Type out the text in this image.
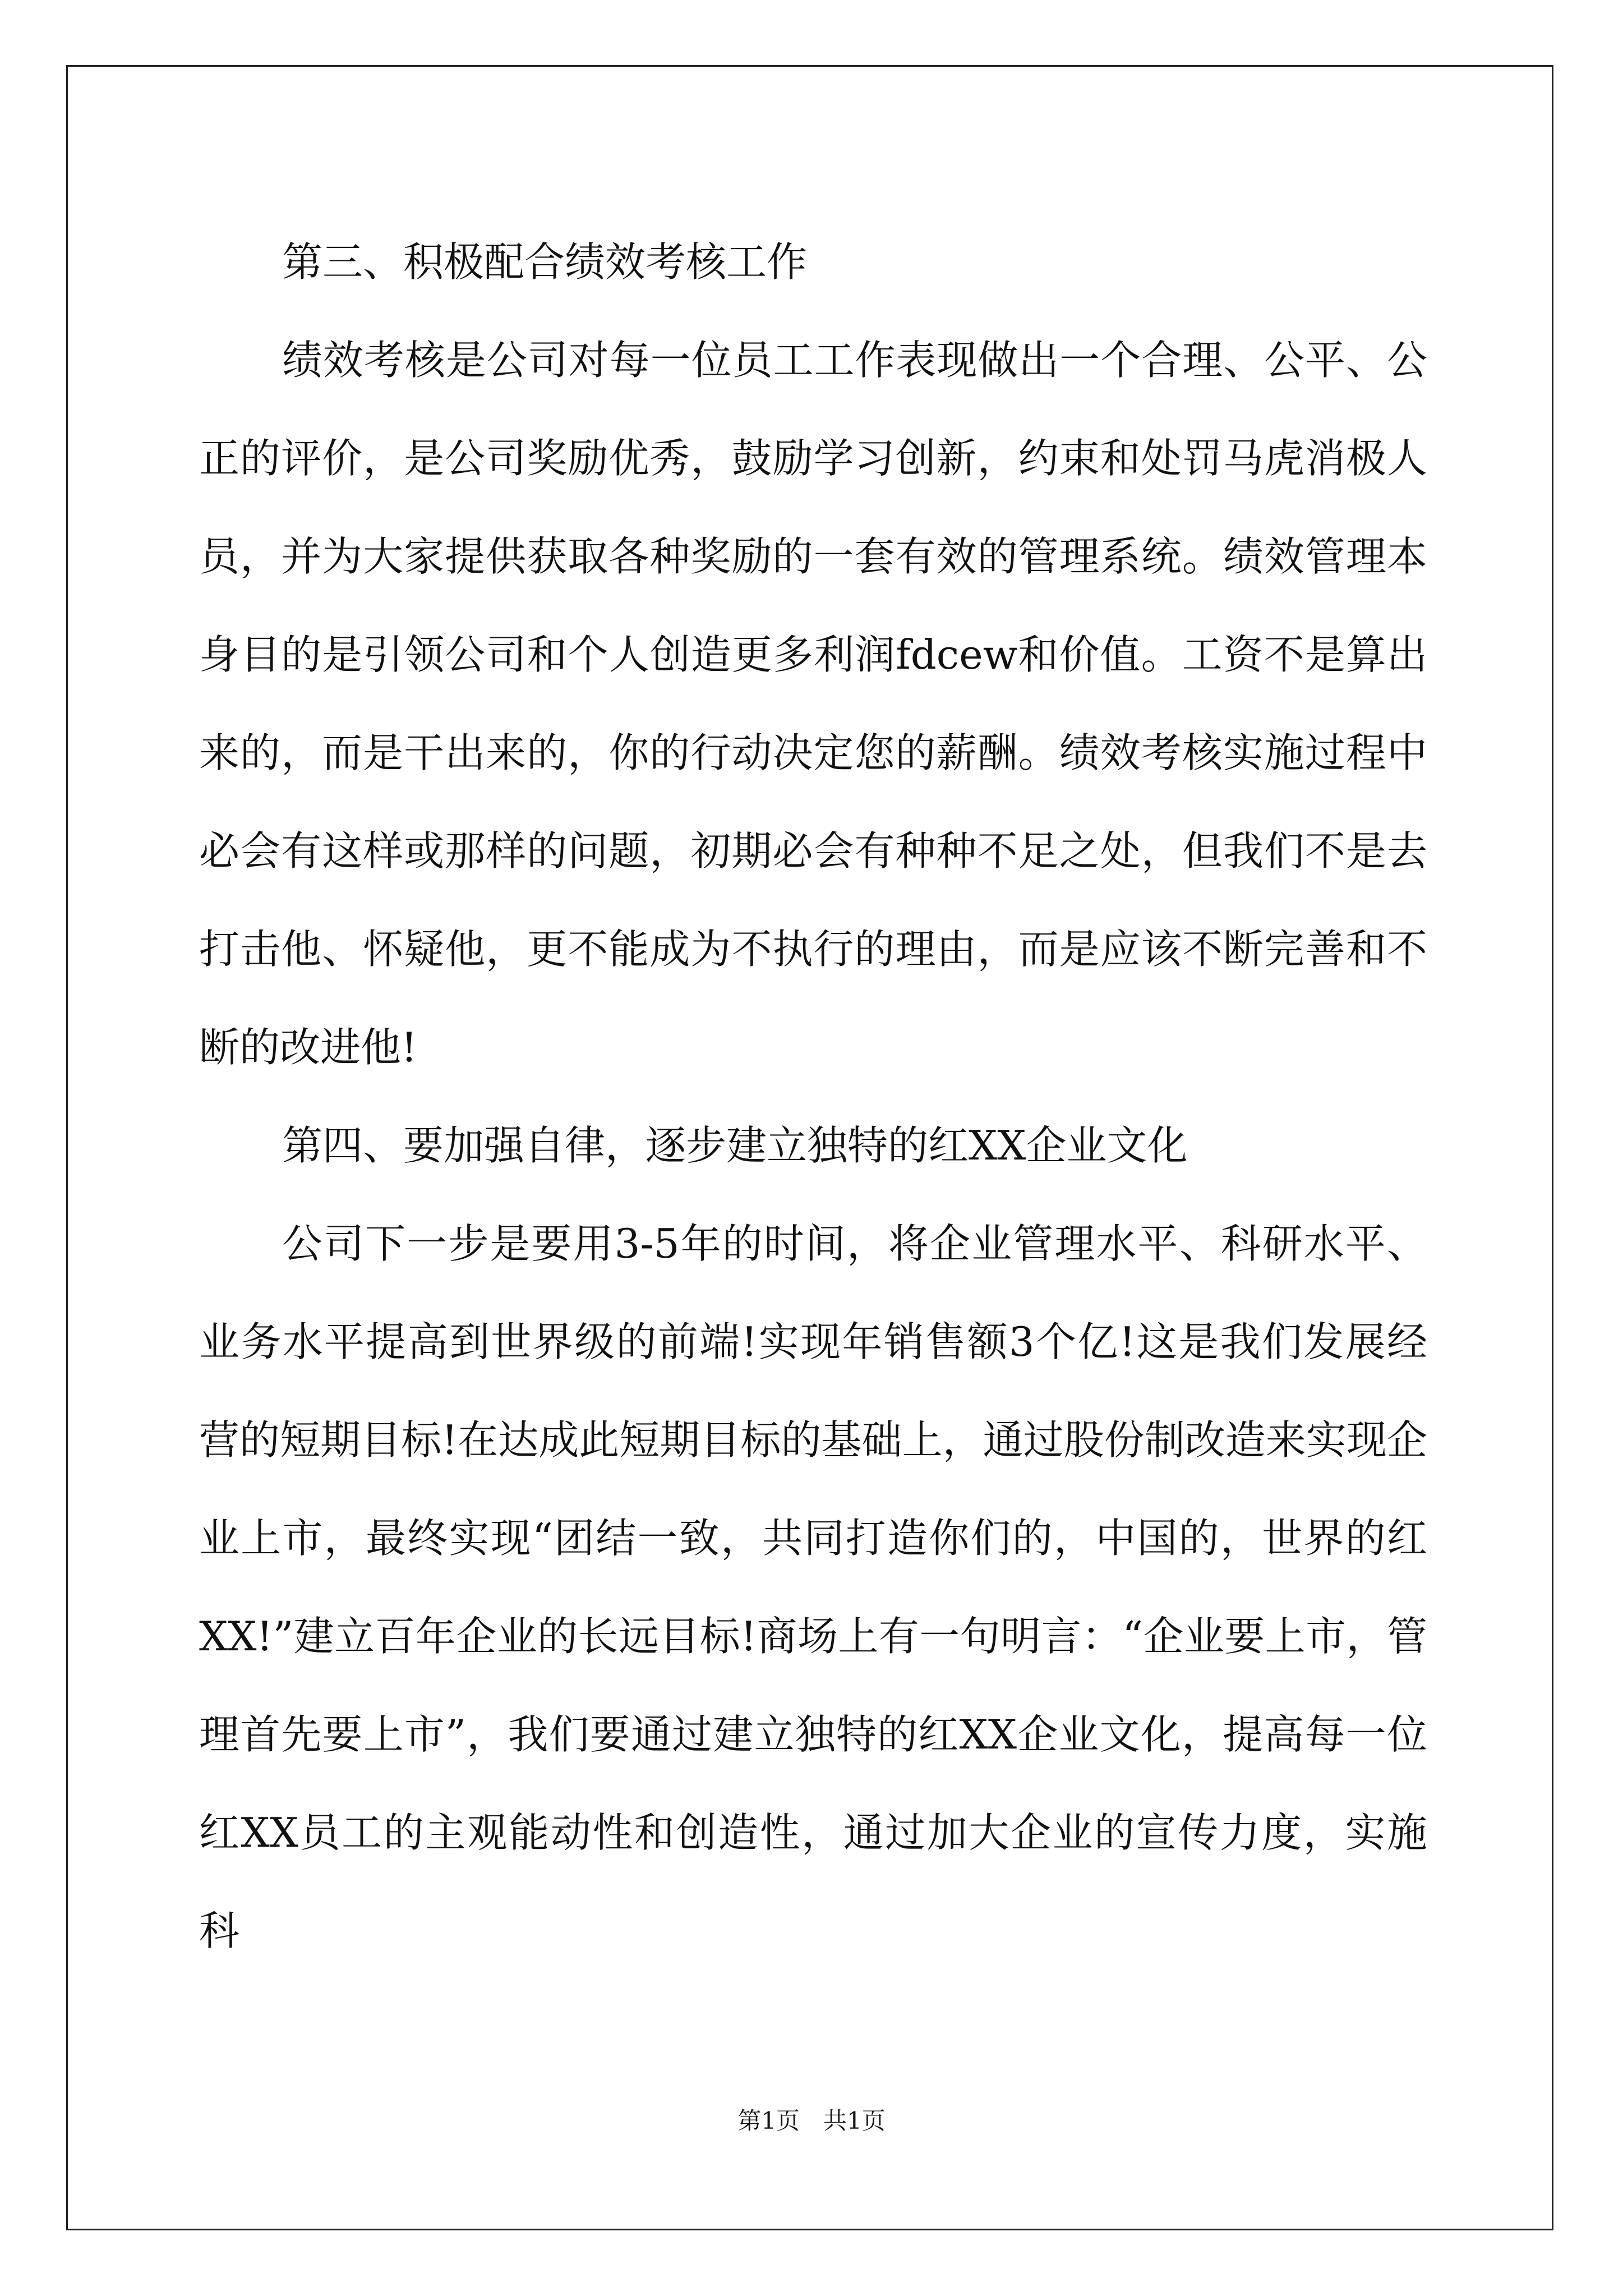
第三、积极配合绩效考核工作

绩效考核是公司对每一位员工工作表现做出一个合理、公平、公正的评价，是公司奖励优秀，鼓励学习创新，约束和处罚马虎消极人员，并为大家提供获取各种奖励的一套有效的管理系统。绩效管理本身目的是引领公司和个人创造更多利润fdcew和价值。工资不是算出来的，而是干出来的，你的行动决定您的薪酬。绩效考核实施过程中必会有这样或那样的问题，初期必会有种种不足之处，但我们不是去打击他、怀疑他，更不能成为不执行的理由，而是应该不断完善和不断的改进他!

第四、要加强自律，逐步建立独特的红XX企业文化

公司下一步是要用3-5年的时间，将企业管理水平、科研水平、业务水平提高到世界级的前端!实现年销售额3个亿!这是我们发展经营的短期目标!在达成此短期目标的基础上，通过股份制改造来实现企业上市，最终实现“团结一致，共同打造你们的，中国的，世界的红XX!”建立百年企业的长远目标!商场上有一句明言：“企业要上市，管理首先要上市”，我们要通过建立独特的红XX企业文化，提高每一位红XX员工的主观能动性和创造性，通过加大企业的宣传力度，实施科

第1页　共1页
